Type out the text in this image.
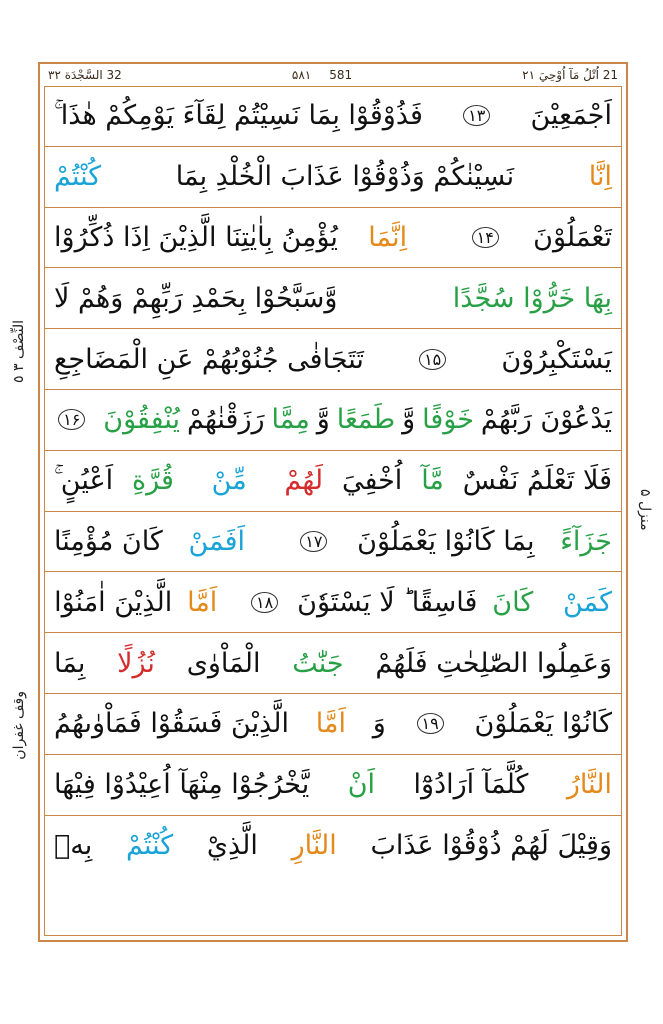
32 السَّجْدَة ۳۲	۵۸۱ 581	21 اُتْلُ مَآ اُوْحِيَ ۲۱
اَجْمَعِيْنَ
۱۳
فَذُوْقُوْا بِمَا نَسِيْتُمْ لِقَآءَ يَوْمِكُمْ هٰذَا ۚ
اِنَّا
نَسِيْنٰكُمْ وَذُوْقُوْا عَذَابَ الْخُلْدِ بِمَا
كُنْتُمْ
تَعْمَلُوْنَ
۱۴
اِنَّمَا
يُؤْمِنُ بِاٰيٰتِنَا الَّذِيْنَ اِذَا ذُكِّرُوْا
بِهَا خَرُّوْا سُجَّدًا
وَّسَبَّحُوْا بِحَمْدِ رَبِّهِمْ وَهُمْ لَا
يَسْتَكْبِرُوْنَ
۱۵
تَتَجَافٰى جُنُوْبُهُمْ عَنِ الْمَضَاجِعِ
يَدْعُوْنَ رَبَّهُمْ
خَوْفًا
وَّ
طَمَعًا
وَّ
مِمَّا
رَزَقْنٰهُمْ
يُنْفِقُوْنَ
۱۶
فَلَا تَعْلَمُ نَفْسٌ
مَّآ
اُخْفِيَ
لَهُمْ
مِّنْ
قُرَّةِ
اَعْيُنٍ ۚ
جَزَآءً
بِمَا كَانُوْا يَعْمَلُوْنَ
۱۷
اَفَمَنْ
كَانَ مُؤْمِنًا
كَمَنْ
كَانَ
فَاسِقًا ؕ لَا يَسْتَوٗنَ
۱۸
اَمَّا
الَّذِيْنَ اٰمَنُوْا
وَعَمِلُوا الصّٰلِحٰتِ فَلَهُمْ
جَنّٰتُ
الْمَاْوٰى
نُزُلًا
بِمَا
كَانُوْا يَعْمَلُوْنَ
۱۹
وَ
اَمَّا
الَّذِيْنَ فَسَقُوْا فَمَاْوٰىهُمُ
النَّارُ
كُلَّمَآ اَرَادُوْٓا
اَنْ
يَّخْرُجُوْا مِنْهَآ اُعِيْدُوْا فِيْهَا
وَقِيْلَ لَهُمْ ذُوْقُوْا عَذَابَ
النَّارِ
الَّذِيْ
كُنْتُمْ
بِهٖ
النِّصْف ٣ ٥
وقف غفران
منزل ۵
